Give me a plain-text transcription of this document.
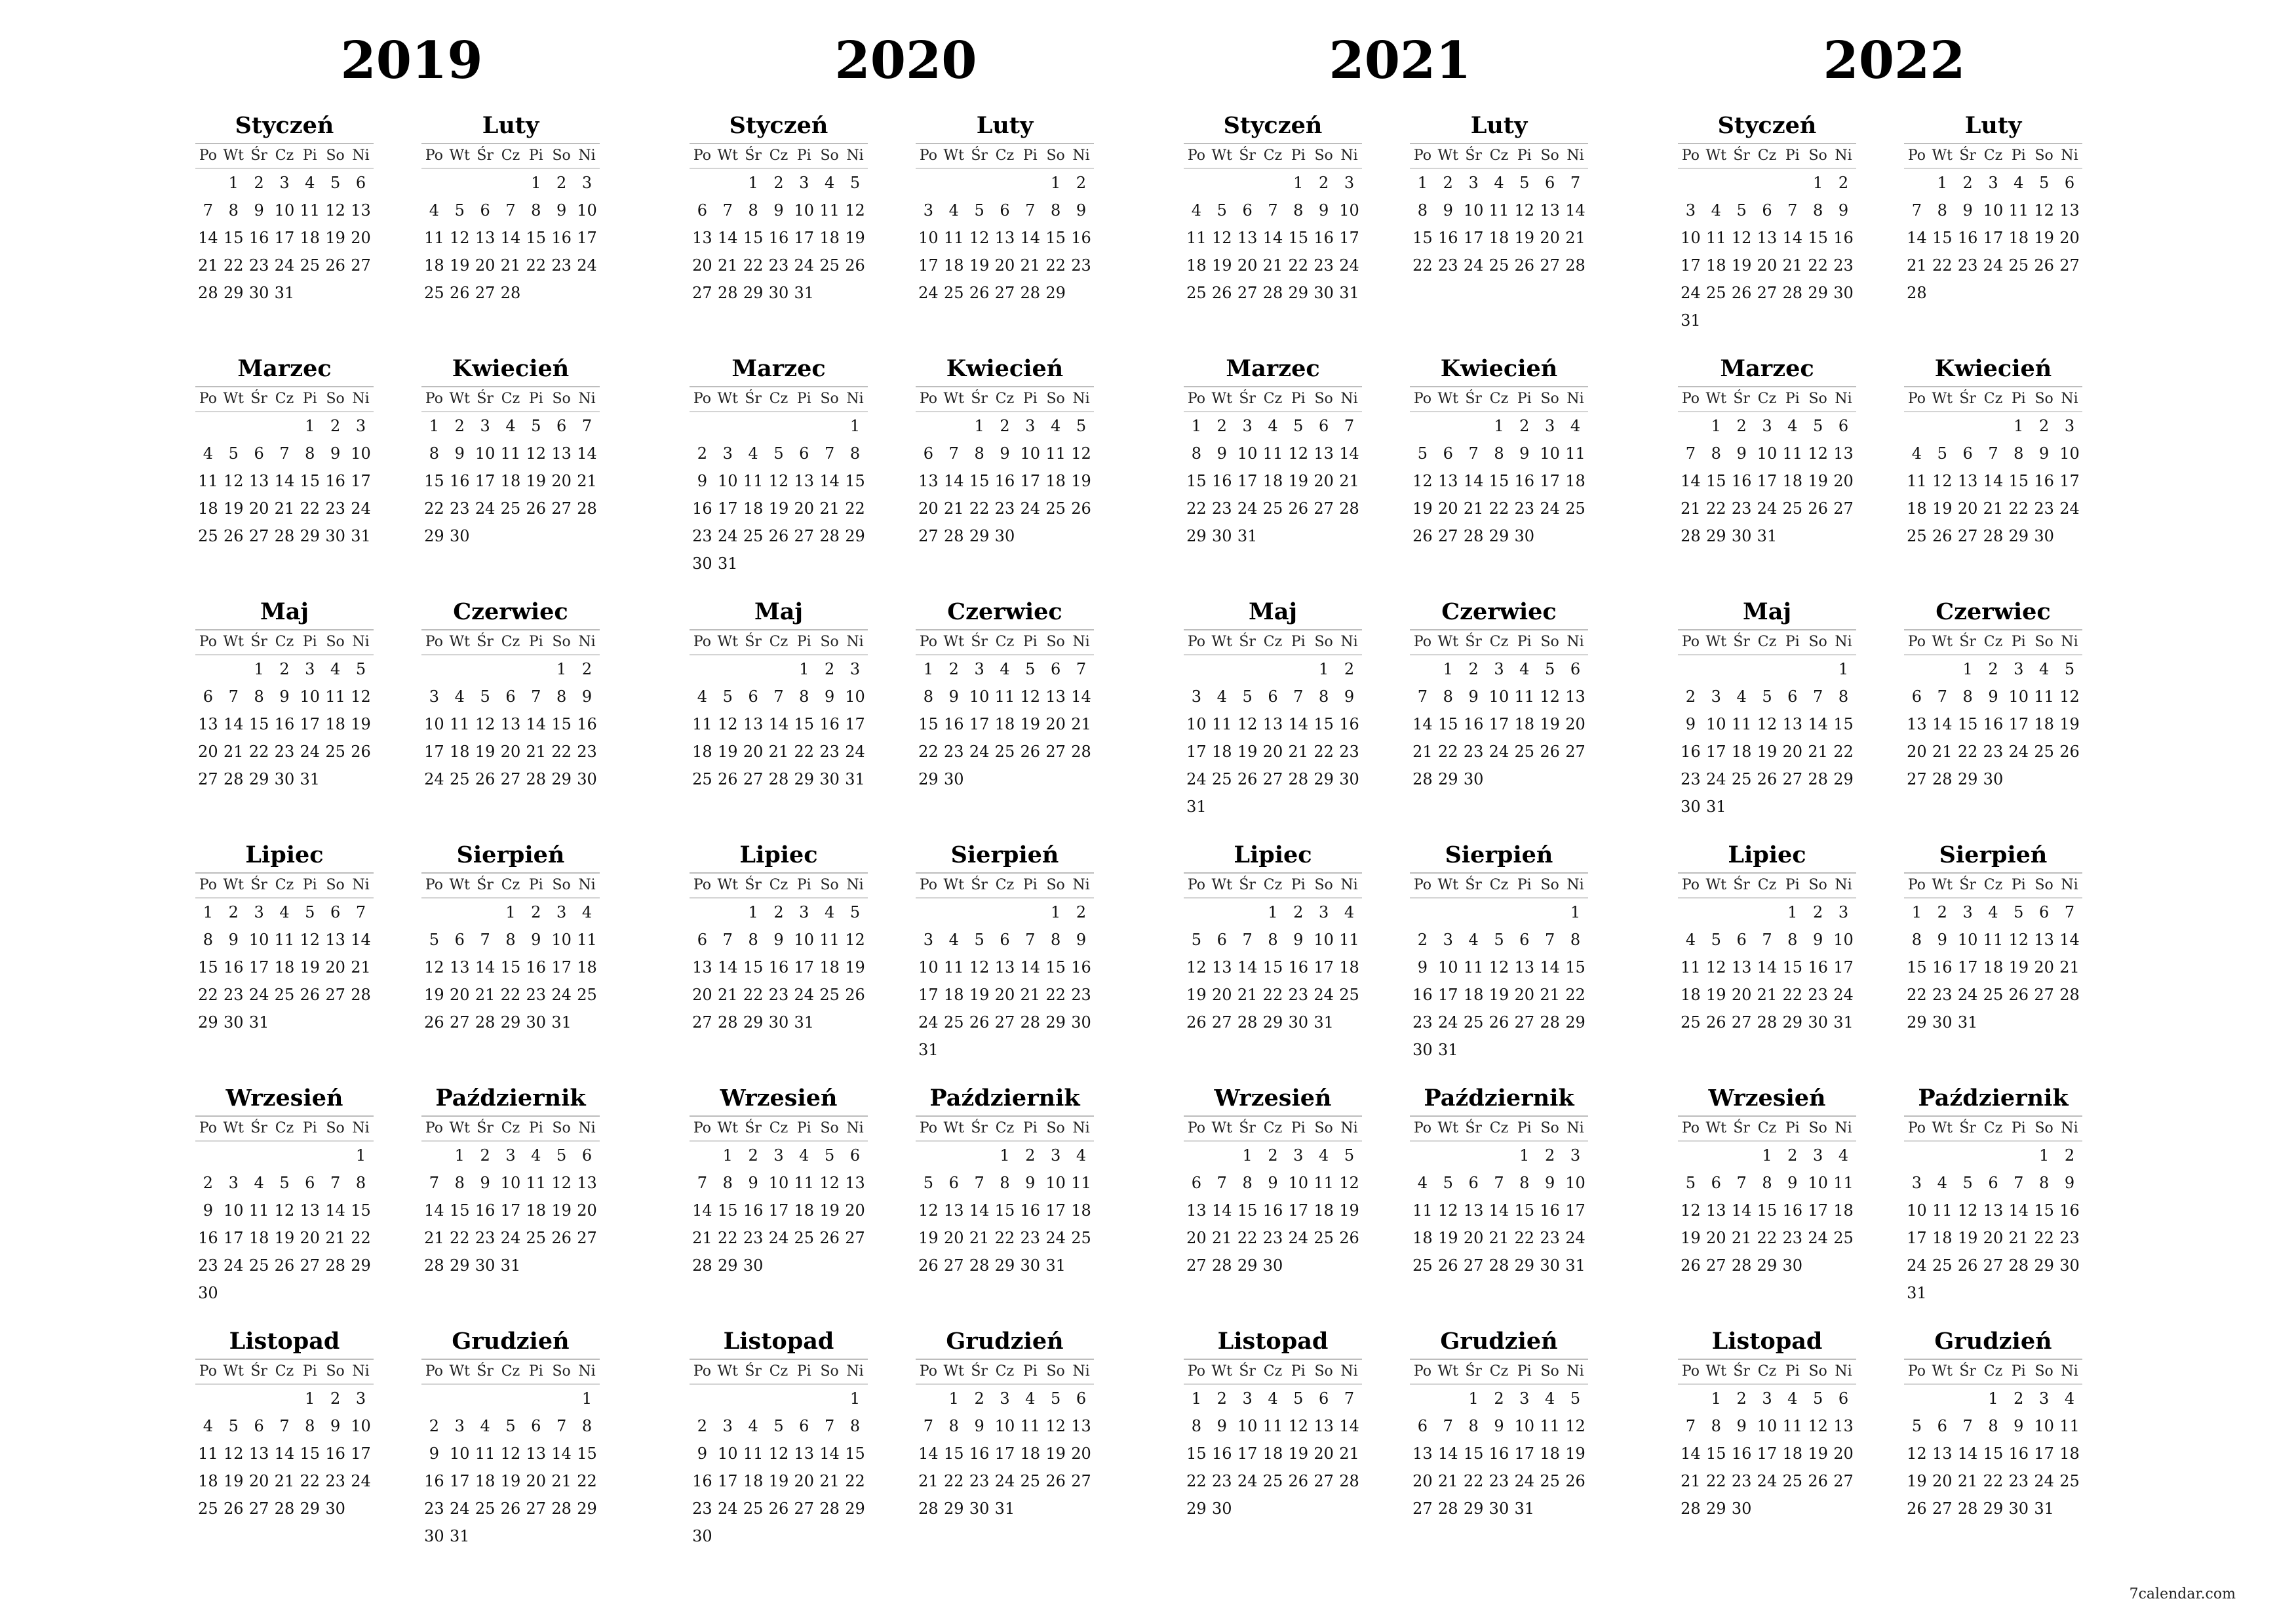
2019
Styczeń
Po Wt Śr Cz Pi So Ni
1 2 3 4 5 6
7 8 9 10 11 12 13
14 15 16 17 18 19 20
21 22 23 24 25 26 27
28 29 30 31
Luty
Po Wt Śr Cz Pi So Ni
1 2 3
4 5 6 7 8 9 10
11 12 13 14 15 16 17
18 19 20 21 22 23 24
25 26 27 28
Marzec
Po Wt Śr Cz Pi So Ni
1 2 3
4 5 6 7 8 9 10
11 12 13 14 15 16 17
18 19 20 21 22 23 24
25 26 27 28 29 30 31
Kwiecień
Po Wt Śr Cz Pi So Ni
1 2 3 4 5 6 7
8 9 10 11 12 13 14
15 16 17 18 19 20 21
22 23 24 25 26 27 28
29 30
Maj
Po Wt Śr Cz Pi So Ni
1 2 3 4 5
6 7 8 9 10 11 12
13 14 15 16 17 18 19
20 21 22 23 24 25 26
27 28 29 30 31
Czerwiec
Po Wt Śr Cz Pi So Ni
1 2
3 4 5 6 7 8 9
10 11 12 13 14 15 16
17 18 19 20 21 22 23
24 25 26 27 28 29 30
Lipiec
Po Wt Śr Cz Pi So Ni
1 2 3 4 5 6 7
8 9 10 11 12 13 14
15 16 17 18 19 20 21
22 23 24 25 26 27 28
29 30 31
Sierpień
Po Wt Śr Cz Pi So Ni
1 2 3 4
5 6 7 8 9 10 11
12 13 14 15 16 17 18
19 20 21 22 23 24 25
26 27 28 29 30 31
Wrzesień
Po Wt Śr Cz Pi So Ni
1
2 3 4 5 6 7 8
9 10 11 12 13 14 15
16 17 18 19 20 21 22
23 24 25 26 27 28 29
30
Październik
Po Wt Śr Cz Pi So Ni
1 2 3 4 5 6
7 8 9 10 11 12 13
14 15 16 17 18 19 20
21 22 23 24 25 26 27
28 29 30 31
Listopad
Po Wt Śr Cz Pi So Ni
1 2 3
4 5 6 7 8 9 10
11 12 13 14 15 16 17
18 19 20 21 22 23 24
25 26 27 28 29 30
Grudzień
Po Wt Śr Cz Pi So Ni
1
2 3 4 5 6 7 8
9 10 11 12 13 14 15
16 17 18 19 20 21 22
23 24 25 26 27 28 29
30 31
2020
Styczeń
Po Wt Śr Cz Pi So Ni
1 2 3 4 5
6 7 8 9 10 11 12
13 14 15 16 17 18 19
20 21 22 23 24 25 26
27 28 29 30 31
Luty
Po Wt Śr Cz Pi So Ni
1 2
3 4 5 6 7 8 9
10 11 12 13 14 15 16
17 18 19 20 21 22 23
24 25 26 27 28 29
Marzec
Po Wt Śr Cz Pi So Ni
1
2 3 4 5 6 7 8
9 10 11 12 13 14 15
16 17 18 19 20 21 22
23 24 25 26 27 28 29
30 31
Kwiecień
Po Wt Śr Cz Pi So Ni
1 2 3 4 5
6 7 8 9 10 11 12
13 14 15 16 17 18 19
20 21 22 23 24 25 26
27 28 29 30
Maj
Po Wt Śr Cz Pi So Ni
1 2 3
4 5 6 7 8 9 10
11 12 13 14 15 16 17
18 19 20 21 22 23 24
25 26 27 28 29 30 31
Czerwiec
Po Wt Śr Cz Pi So Ni
1 2 3 4 5 6 7
8 9 10 11 12 13 14
15 16 17 18 19 20 21
22 23 24 25 26 27 28
29 30
Lipiec
Po Wt Śr Cz Pi So Ni
1 2 3 4 5
6 7 8 9 10 11 12
13 14 15 16 17 18 19
20 21 22 23 24 25 26
27 28 29 30 31
Sierpień
Po Wt Śr Cz Pi So Ni
1 2
3 4 5 6 7 8 9
10 11 12 13 14 15 16
17 18 19 20 21 22 23
24 25 26 27 28 29 30
31
Wrzesień
Po Wt Śr Cz Pi So Ni
1 2 3 4 5 6
7 8 9 10 11 12 13
14 15 16 17 18 19 20
21 22 23 24 25 26 27
28 29 30
Październik
Po Wt Śr Cz Pi So Ni
1 2 3 4
5 6 7 8 9 10 11
12 13 14 15 16 17 18
19 20 21 22 23 24 25
26 27 28 29 30 31
Listopad
Po Wt Śr Cz Pi So Ni
1
2 3 4 5 6 7 8
9 10 11 12 13 14 15
16 17 18 19 20 21 22
23 24 25 26 27 28 29
30
Grudzień
Po Wt Śr Cz Pi So Ni
1 2 3 4 5 6
7 8 9 10 11 12 13
14 15 16 17 18 19 20
21 22 23 24 25 26 27
28 29 30 31
2021
Styczeń
Po Wt Śr Cz Pi So Ni
1 2 3
4 5 6 7 8 9 10
11 12 13 14 15 16 17
18 19 20 21 22 23 24
25 26 27 28 29 30 31
Luty
Po Wt Śr Cz Pi So Ni
1 2 3 4 5 6 7
8 9 10 11 12 13 14
15 16 17 18 19 20 21
22 23 24 25 26 27 28
Marzec
Po Wt Śr Cz Pi So Ni
1 2 3 4 5 6 7
8 9 10 11 12 13 14
15 16 17 18 19 20 21
22 23 24 25 26 27 28
29 30 31
Kwiecień
Po Wt Śr Cz Pi So Ni
1 2 3 4
5 6 7 8 9 10 11
12 13 14 15 16 17 18
19 20 21 22 23 24 25
26 27 28 29 30
Maj
Po Wt Śr Cz Pi So Ni
1 2
3 4 5 6 7 8 9
10 11 12 13 14 15 16
17 18 19 20 21 22 23
24 25 26 27 28 29 30
31
Czerwiec
Po Wt Śr Cz Pi So Ni
1 2 3 4 5 6
7 8 9 10 11 12 13
14 15 16 17 18 19 20
21 22 23 24 25 26 27
28 29 30
Lipiec
Po Wt Śr Cz Pi So Ni
1 2 3 4
5 6 7 8 9 10 11
12 13 14 15 16 17 18
19 20 21 22 23 24 25
26 27 28 29 30 31
Sierpień
Po Wt Śr Cz Pi So Ni
1
2 3 4 5 6 7 8
9 10 11 12 13 14 15
16 17 18 19 20 21 22
23 24 25 26 27 28 29
30 31
Wrzesień
Po Wt Śr Cz Pi So Ni
1 2 3 4 5
6 7 8 9 10 11 12
13 14 15 16 17 18 19
20 21 22 23 24 25 26
27 28 29 30
Październik
Po Wt Śr Cz Pi So Ni
1 2 3
4 5 6 7 8 9 10
11 12 13 14 15 16 17
18 19 20 21 22 23 24
25 26 27 28 29 30 31
Listopad
Po Wt Śr Cz Pi So Ni
1 2 3 4 5 6 7
8 9 10 11 12 13 14
15 16 17 18 19 20 21
22 23 24 25 26 27 28
29 30
Grudzień
Po Wt Śr Cz Pi So Ni
1 2 3 4 5
6 7 8 9 10 11 12
13 14 15 16 17 18 19
20 21 22 23 24 25 26
27 28 29 30 31
2022
Styczeń
Po Wt Śr Cz Pi So Ni
1 2
3 4 5 6 7 8 9
10 11 12 13 14 15 16
17 18 19 20 21 22 23
24 25 26 27 28 29 30
31
Luty
Po Wt Śr Cz Pi So Ni
1 2 3 4 5 6
7 8 9 10 11 12 13
14 15 16 17 18 19 20
21 22 23 24 25 26 27
28
Marzec
Po Wt Śr Cz Pi So Ni
1 2 3 4 5 6
7 8 9 10 11 12 13
14 15 16 17 18 19 20
21 22 23 24 25 26 27
28 29 30 31
Kwiecień
Po Wt Śr Cz Pi So Ni
1 2 3
4 5 6 7 8 9 10
11 12 13 14 15 16 17
18 19 20 21 22 23 24
25 26 27 28 29 30
Maj
Po Wt Śr Cz Pi So Ni
1
2 3 4 5 6 7 8
9 10 11 12 13 14 15
16 17 18 19 20 21 22
23 24 25 26 27 28 29
30 31
Czerwiec
Po Wt Śr Cz Pi So Ni
1 2 3 4 5
6 7 8 9 10 11 12
13 14 15 16 17 18 19
20 21 22 23 24 25 26
27 28 29 30
Lipiec
Po Wt Śr Cz Pi So Ni
1 2 3
4 5 6 7 8 9 10
11 12 13 14 15 16 17
18 19 20 21 22 23 24
25 26 27 28 29 30 31
Sierpień
Po Wt Śr Cz Pi So Ni
1 2 3 4 5 6 7
8 9 10 11 12 13 14
15 16 17 18 19 20 21
22 23 24 25 26 27 28
29 30 31
Wrzesień
Po Wt Śr Cz Pi So Ni
1 2 3 4
5 6 7 8 9 10 11
12 13 14 15 16 17 18
19 20 21 22 23 24 25
26 27 28 29 30
Październik
Po Wt Śr Cz Pi So Ni
1 2
3 4 5 6 7 8 9
10 11 12 13 14 15 16
17 18 19 20 21 22 23
24 25 26 27 28 29 30
31
Listopad
Po Wt Śr Cz Pi So Ni
1 2 3 4 5 6
7 8 9 10 11 12 13
14 15 16 17 18 19 20
21 22 23 24 25 26 27
28 29 30
Grudzień
Po Wt Śr Cz Pi So Ni
1 2 3 4
5 6 7 8 9 10 11
12 13 14 15 16 17 18
19 20 21 22 23 24 25
26 27 28 29 30 31
7calendar.com
